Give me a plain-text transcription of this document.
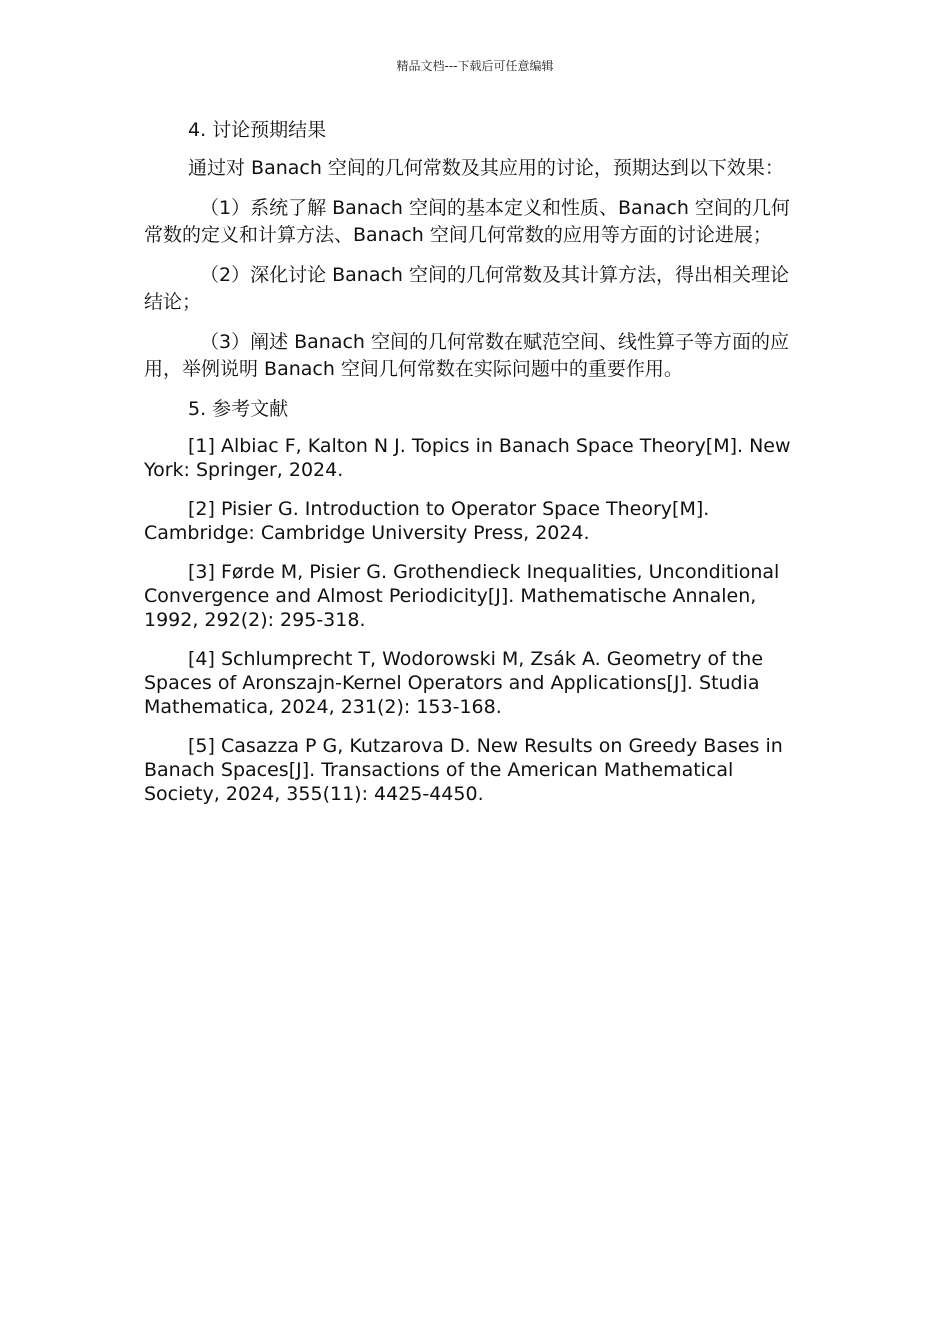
精品文档---下载后可任意编辑

4. 讨论预期结果

通过对 Banach 空间的几何常数及其应用的讨论，预期达到以下效果：

（1）系统了解 Banach 空间的基本定义和性质、Banach 空间的几何常数的定义和计算方法、Banach 空间几何常数的应用等方面的讨论进展；

（2）深化讨论 Banach 空间的几何常数及其计算方法，得出相关理论结论；

（3）阐述 Banach 空间的几何常数在赋范空间、线性算子等方面的应用，举例说明 Banach 空间几何常数在实际问题中的重要作用。

5. 参考文献

[1] Albiac F, Kalton N J. Topics in Banach Space Theory[M]. New York: Springer, 2024.

[2] Pisier G. Introduction to Operator Space Theory[M]. Cambridge: Cambridge University Press, 2024.

[3] Førde M, Pisier G. Grothendieck Inequalities, Unconditional Convergence and Almost Periodicity[J]. Mathematische Annalen, 1992, 292(2): 295-318.

[4] Schlumprecht T, Wodorowski M, Zsák A. Geometry of the Spaces of Aronszajn-Kernel Operators and Applications[J]. Studia Mathematica, 2024, 231(2): 153-168.

[5] Casazza P G, Kutzarova D. New Results on Greedy Bases in Banach Spaces[J]. Transactions of the American Mathematical Society, 2024, 355(11): 4425-4450.
